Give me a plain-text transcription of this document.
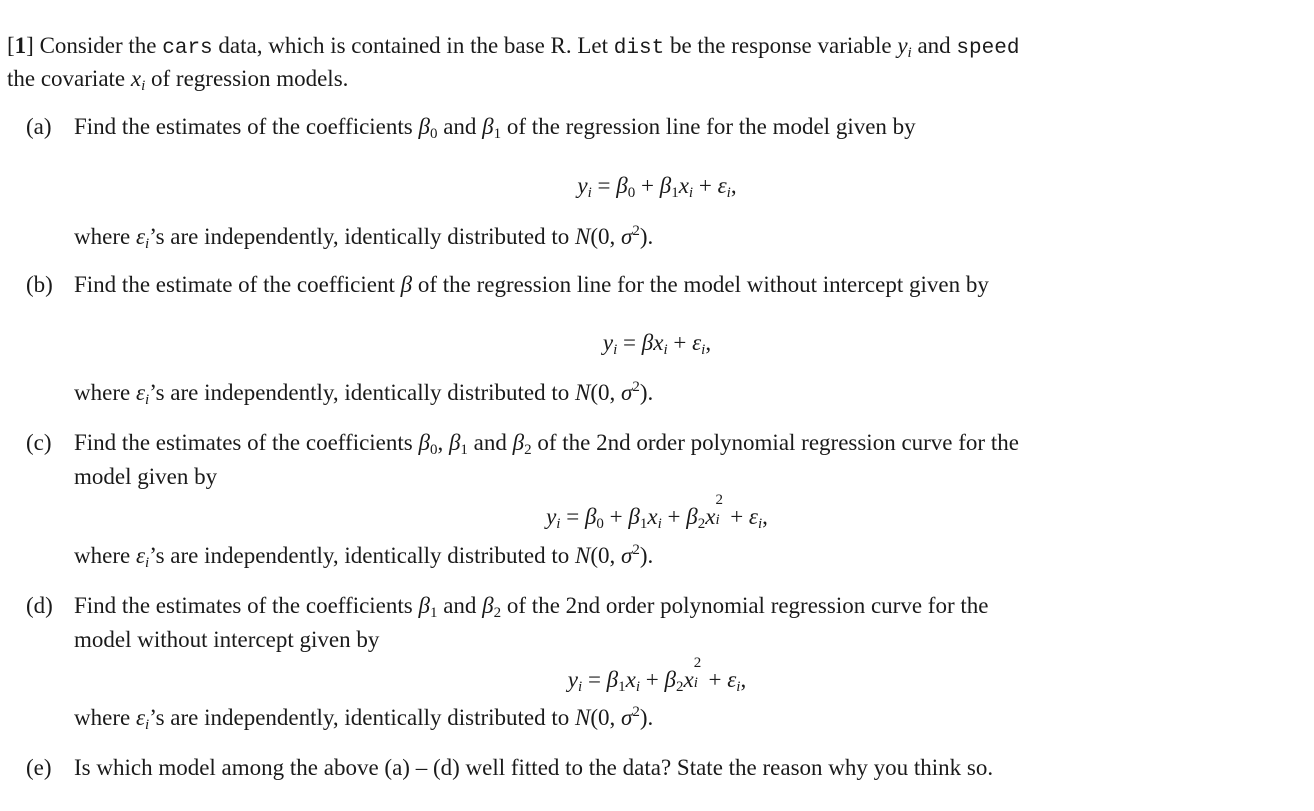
[1] Consider the cars data, which is contained in the base R. Let dist be the response variable $y_i$ and speed
the covariate $x_i$ of regression models.
(a) Find the estimates of the coefficients $\beta_0$ and $\beta_1$ of the regression line for the model given by
$y_i = \beta_0 + \beta_1x_i + \varepsilon_i$,
where $\varepsilon_i’s$ are independently, identically distributed to N(0, $\sigma^2$).
(b) Find the estimate of the coefficient β of the regression line for the model without intercept given by
$y_i = \beta x_i + \varepsilon_i$,
where $\varepsilon_i’s$ are independently, identically distributed to N(0, $\sigma^2$).
(c) Find the estimates of the coefficients $\beta_0$, $\beta_1$ and $\beta_2$ of the 2nd order polynomial regression curve for the
model given by
$y_i = \beta_0 + \beta_1x_i + \beta_2x$
2
$i + \varepsilon_i$,
where $\varepsilon_i’s$ are independently, identically distributed to N(0, $\sigma^2$).
(d) Find the estimates of the coefficients $\beta_1$ and $\beta_2$ of the 2nd order polynomial regression curve for the
model without intercept given by
$y_i = \beta_1x_i + \beta_2x$
2
$i + \varepsilon_i$,
where $\varepsilon_i’s$ are independently, identically distributed to N(0, $\sigma^2$).
(e) Is which model among the above (a) – (d) well fitted to the data? State the reason why you think so.
